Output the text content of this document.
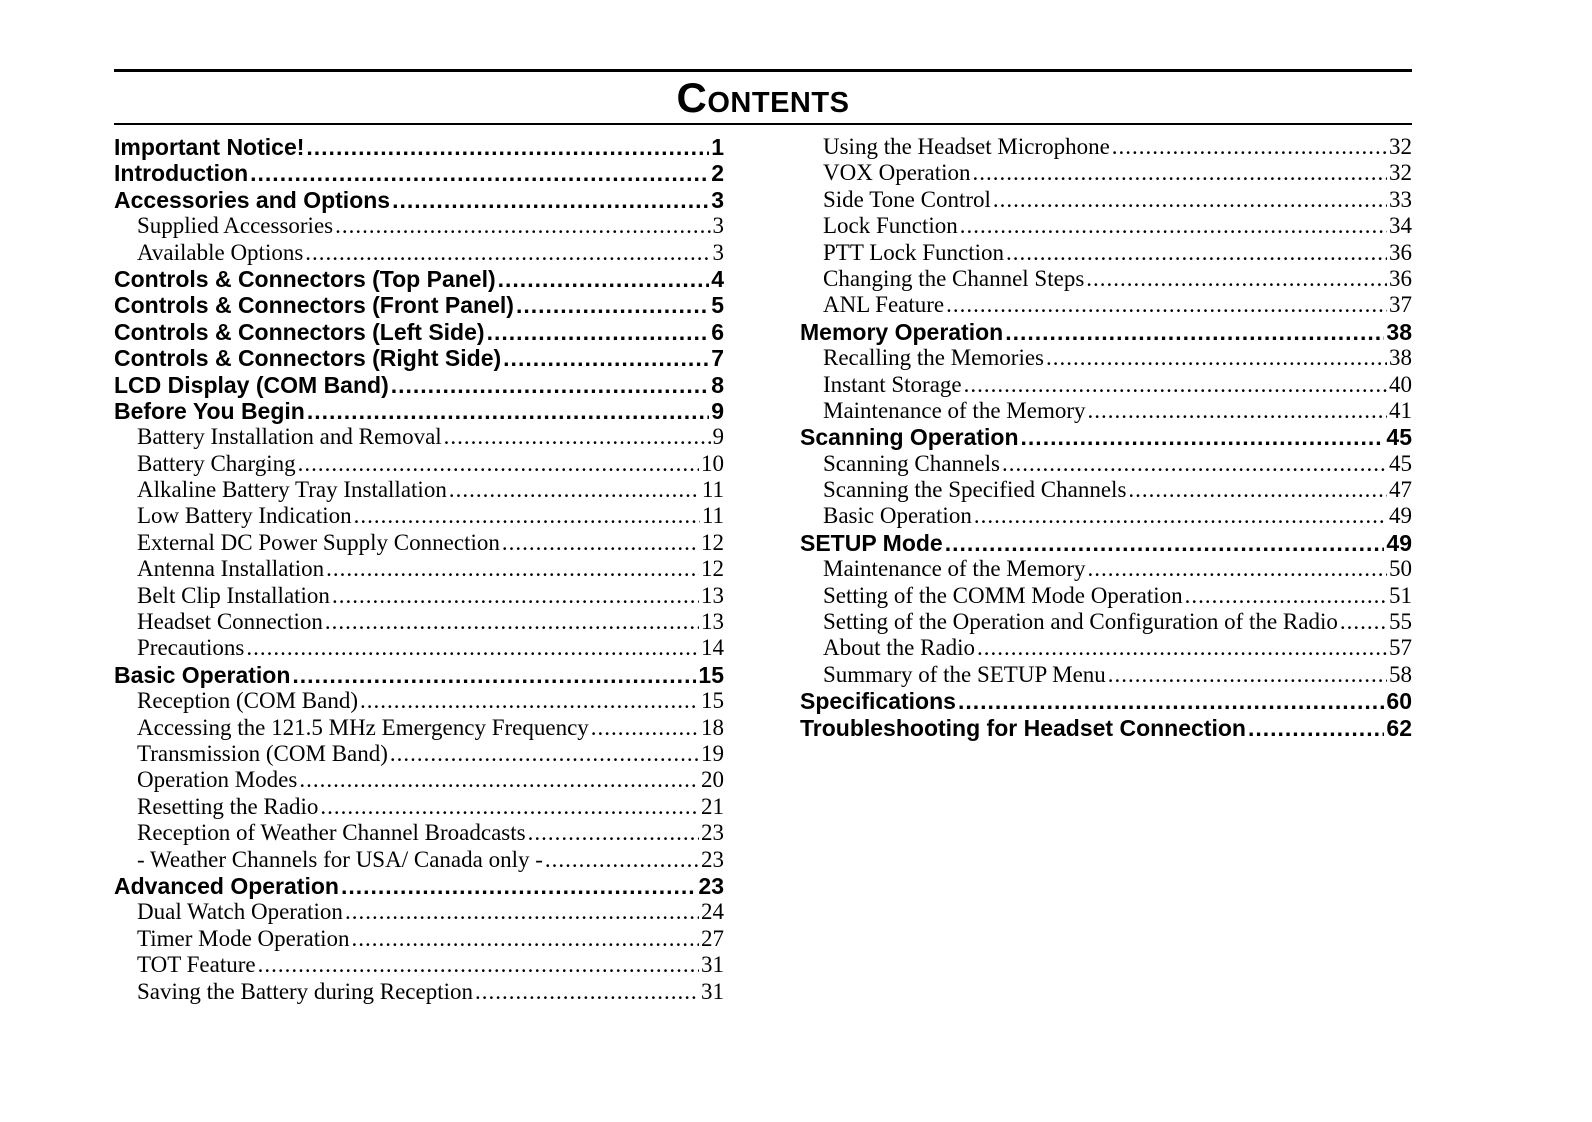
Contents
Important Notice! .....	1
Introduction .....	2
Accessories and Options .....	3
Supplied Accessories .....	3
Available Options .....	3
Controls & Connectors (Top Panel) .....	4
Controls & Connectors (Front Panel) .....	5
Controls & Connectors (Left Side) .....	6
Controls & Connectors (Right Side) .....	7
LCD Display (COM Band) .....	8
Before You Begin .....	9
Battery Installation and Removal .....	9
Battery Charging .....	10
Alkaline Battery Tray Installation .....	11
Low Battery Indication .....	11
External DC Power Supply Connection .....	12
Antenna Installation .....	12
Belt Clip Installation .....	13
Headset Connection .....	13
Precautions .....	14
Basic Operation .....	15
Reception (COM Band) .....	15
Accessing the 121.5 MHz Emergency Frequency .....	18
Transmission (COM Band) .....	19
Operation Modes .....	20
Resetting the Radio .....	21
Reception of Weather Channel Broadcasts .....	23
- Weather Channels for USA/ Canada only - .....	23
Advanced Operation .....	23
Dual Watch Operation .....	24
Timer Mode Operation .....	27
TOT Feature .....	31
Saving the Battery during Reception .....	31
Using the Headset Microphone .....	32
VOX Operation .....	32
Side Tone Control .....	33
Lock Function .....	34
PTT Lock Function .....	36
Changing the Channel Steps .....	36
ANL Feature .....	37
Memory Operation .....	38
Recalling the Memories .....	38
Instant Storage .....	40
Maintenance of the Memory .....	41
Scanning Operation .....	45
Scanning Channels .....	45
Scanning the Specified Channels .....	47
Basic Operation .....	49
SETUP Mode .....	49
Maintenance of the Memory .....	50
Setting of the COMM Mode Operation .....	51
Setting of the Operation and Configuration of the Radio ..... 55
About the Radio .....	57
Summary of the SETUP Menu .....	58
Specifications .....	60
Troubleshooting for Headset Connection .....	62
